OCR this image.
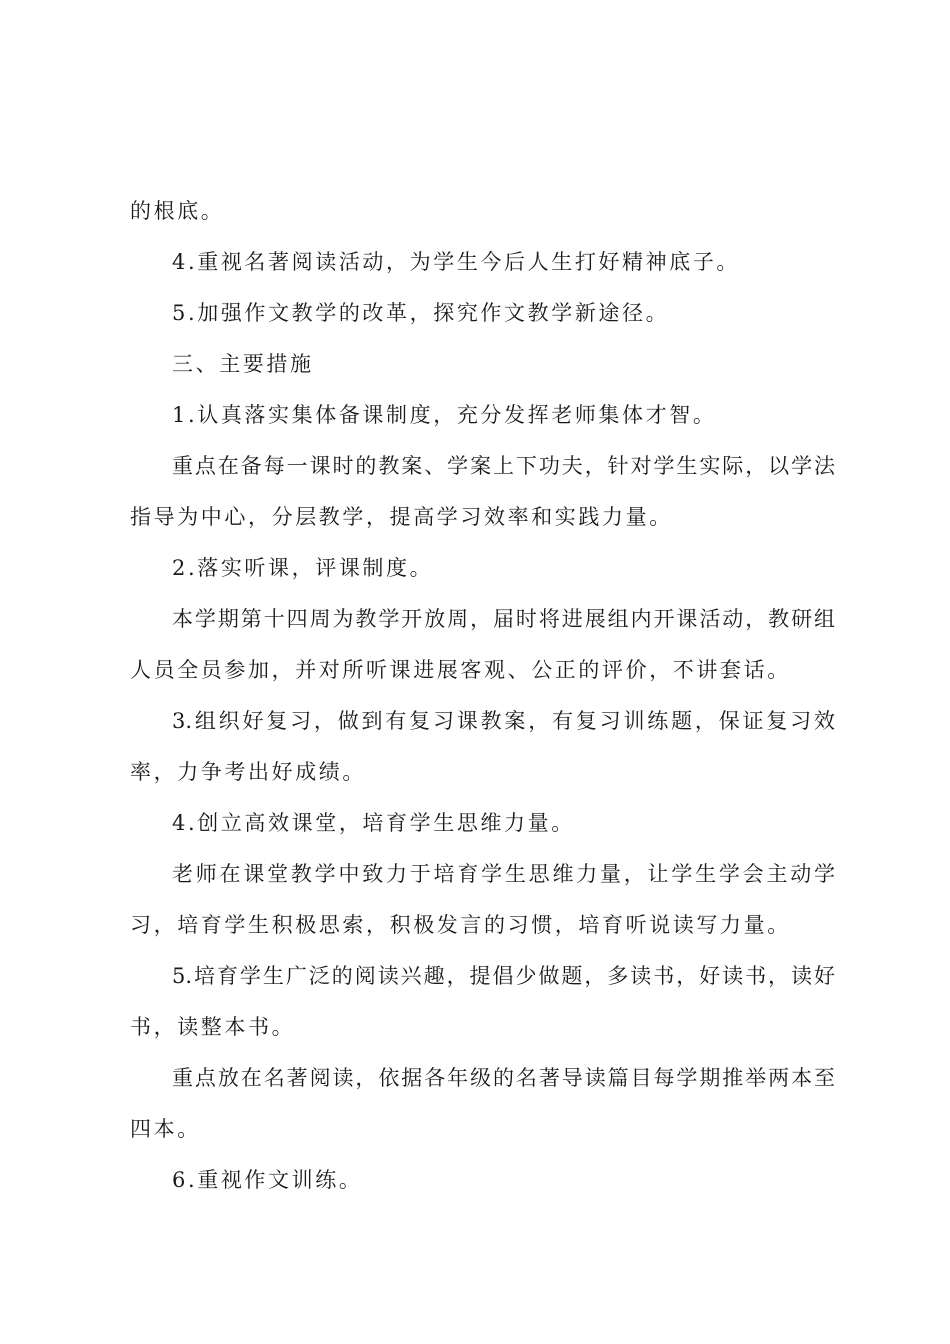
的根底。
4.重视名著阅读活动，为学生今后人生打好精神底子。
5.加强作文教学的改革，探究作文教学新途径。
三、主要措施
1.认真落实集体备课制度，充分发挥老师集体才智。
重点在备每一课时的教案、学案上下功夫，针对学生实际，以学法
指导为中心，分层教学，提高学习效率和实践力量。
2.落实听课，评课制度。
本学期第十四周为教学开放周，届时将进展组内开课活动，教研组
人员全员参加，并对所听课进展客观、公正的评价，不讲套话。
3.组织好复习，做到有复习课教案，有复习训练题，保证复习效
率，力争考出好成绩。
4.创立高效课堂，培育学生思维力量。
老师在课堂教学中致力于培育学生思维力量，让学生学会主动学
习，培育学生积极思索，积极发言的习惯，培育听说读写力量。
5.培育学生广泛的阅读兴趣，提倡少做题，多读书，好读书，读好
书，读整本书。
重点放在名著阅读，依据各年级的名著导读篇目每学期推举两本至
四本。
6.重视作文训练。
